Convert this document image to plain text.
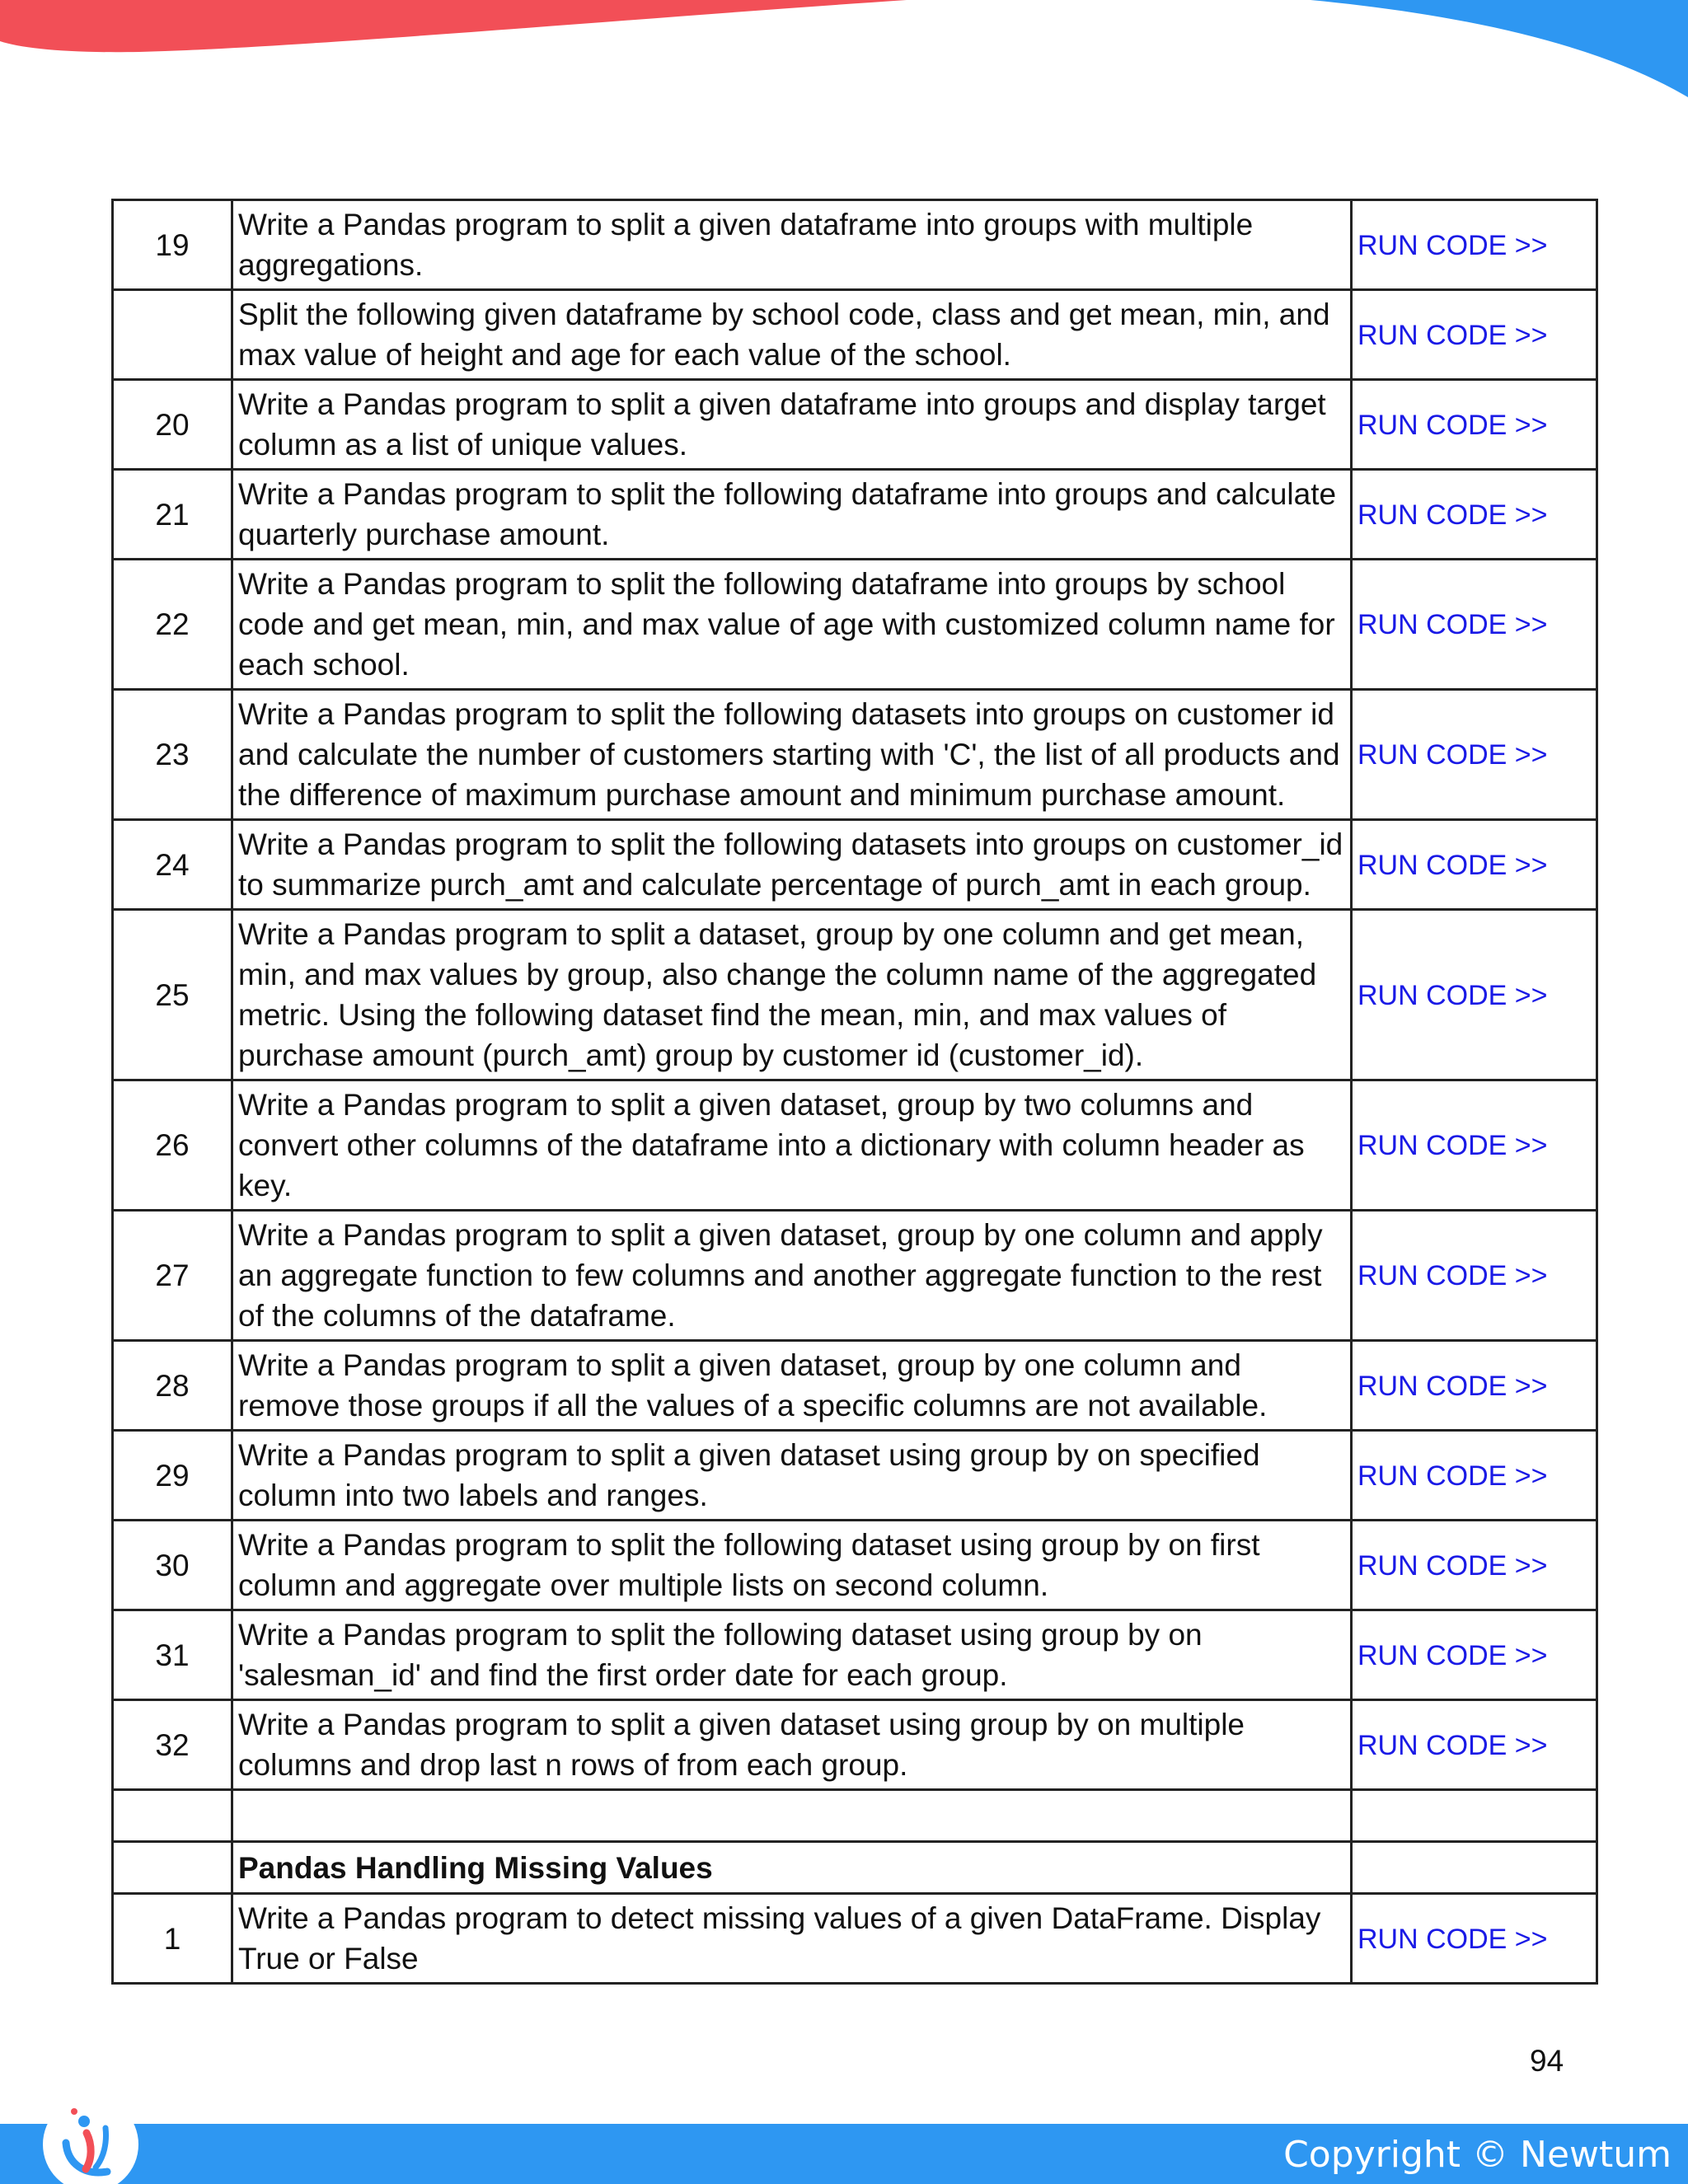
19	Write a Pandas program to split a given dataframe into groups with multiple aggregations.	RUN CODE >>
	Split the following given dataframe by school code, class and get mean, min, and max value of height and age for each value of the school.	RUN CODE >>
20	Write a Pandas program to split a given dataframe into groups and display target column as a list of unique values.	RUN CODE >>
21	Write a Pandas program to split the following dataframe into groups and calculate quarterly purchase amount.	RUN CODE >>
22	Write a Pandas program to split the following dataframe into groups by school code and get mean, min, and max value of age with customized column name for each school.	RUN CODE >>
23	Write a Pandas program to split the following datasets into groups on customer id and calculate the number of customers starting with 'C', the list of all products and the difference of maximum purchase amount and minimum purchase amount.	RUN CODE >>
24	Write a Pandas program to split the following datasets into groups on customer_id to summarize purch_amt and calculate percentage of purch_amt in each group.	RUN CODE >>
25	Write a Pandas program to split a dataset, group by one column and get mean, min, and max values by group, also change the column name of the aggregated metric. Using the following dataset find the mean, min, and max values of purchase amount (purch_amt) group by customer id (customer_id).	RUN CODE >>
26	Write a Pandas program to split a given dataset, group by two columns and convert other columns of the dataframe into a dictionary with column header as key.	RUN CODE >>
27	Write a Pandas program to split a given dataset, group by one column and apply an aggregate function to few columns and another aggregate function to the rest of the columns of the dataframe.	RUN CODE >>
28	Write a Pandas program to split a given dataset, group by one column and remove those groups if all the values of a specific columns are not available.	RUN CODE >>
29	Write a Pandas program to split a given dataset using group by on specified column into two labels and ranges.	RUN CODE >>
30	Write a Pandas program to split the following dataset using group by on first column and aggregate over multiple lists on second column.	RUN CODE >>
31	Write a Pandas program to split the following dataset using group by on 'salesman_id' and find the first order date for each group.	RUN CODE >>
32	Write a Pandas program to split a given dataset using group by on multiple columns and drop last n rows of from each group.	RUN CODE >>

	Pandas Handling Missing Values	
1	Write a Pandas program to detect missing values of a given DataFrame. Display True or False	RUN CODE >>
94
Copyright © Newtum
